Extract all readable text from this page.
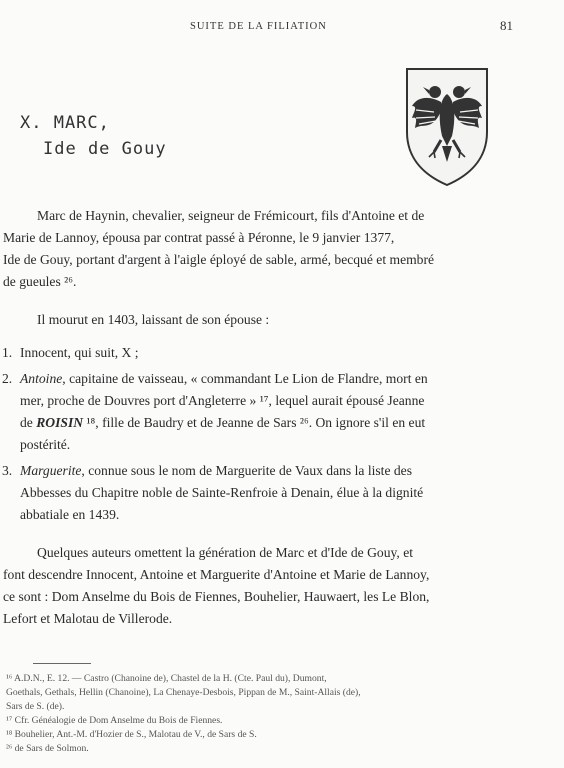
SUITE DE LA FILIATION	81
X. MARC,
Ide de Gouy
Marc de Haynin, chevalier, seigneur de Frémicourt, fils d'Antoine et de
Marie de Lannoy, épousa par contrat passé à Péronne, le 9 janvier 1377,
Ide de Gouy, portant d'argent à l'aigle éployé de sable, armé, becqué et membré
de gueules ²⁶.
Il mourut en 1403, laissant de son épouse :
1. Innocent, qui suit, X ;
2. Antoine, capitaine de vaisseau, « commandant Le Lion de Flandre, mort en
mer, proche de Douvres port d'Angleterre » ¹⁷, lequel aurait épousé Jeanne
de ROISIN ¹⁸, fille de Baudry et de Jeanne de Sars ²⁶. On ignore s'il en eut
postérité.
3. Marguerite, connue sous le nom de Marguerite de Vaux dans la liste des
Abbesses du Chapitre noble de Sainte-Renfroie à Denain, élue à la dignité
abbatiale en 1439.
Quelques auteurs omettent la génération de Marc et d'Ide de Gouy, et
font descendre Innocent, Antoine et Marguerite d'Antoine et Marie de Lannoy,
ce sont : Dom Anselme du Bois de Fiennes, Bouhelier, Hauwaert, les Le Blon,
Lefort et Malotau de Villerode.
¹⁶ A.D.N., E. 12. — Castro (Chanoine de), Chastel de la H. (Cte. Paul du), Dumont,
Goethals, Gethals, Hellin (Chanoine), La Chenaye-Desbois, Pippan de M., Saint-Allais (de),
Sars de S. (de).
¹⁷ Cfr. Généalogie de Dom Anselme du Bois de Fiennes.
¹⁸ Bouhelier, Ant.-M. d'Hozier de S., Malotau de V., de Sars de S.
²⁶ de Sars de Solmon.
